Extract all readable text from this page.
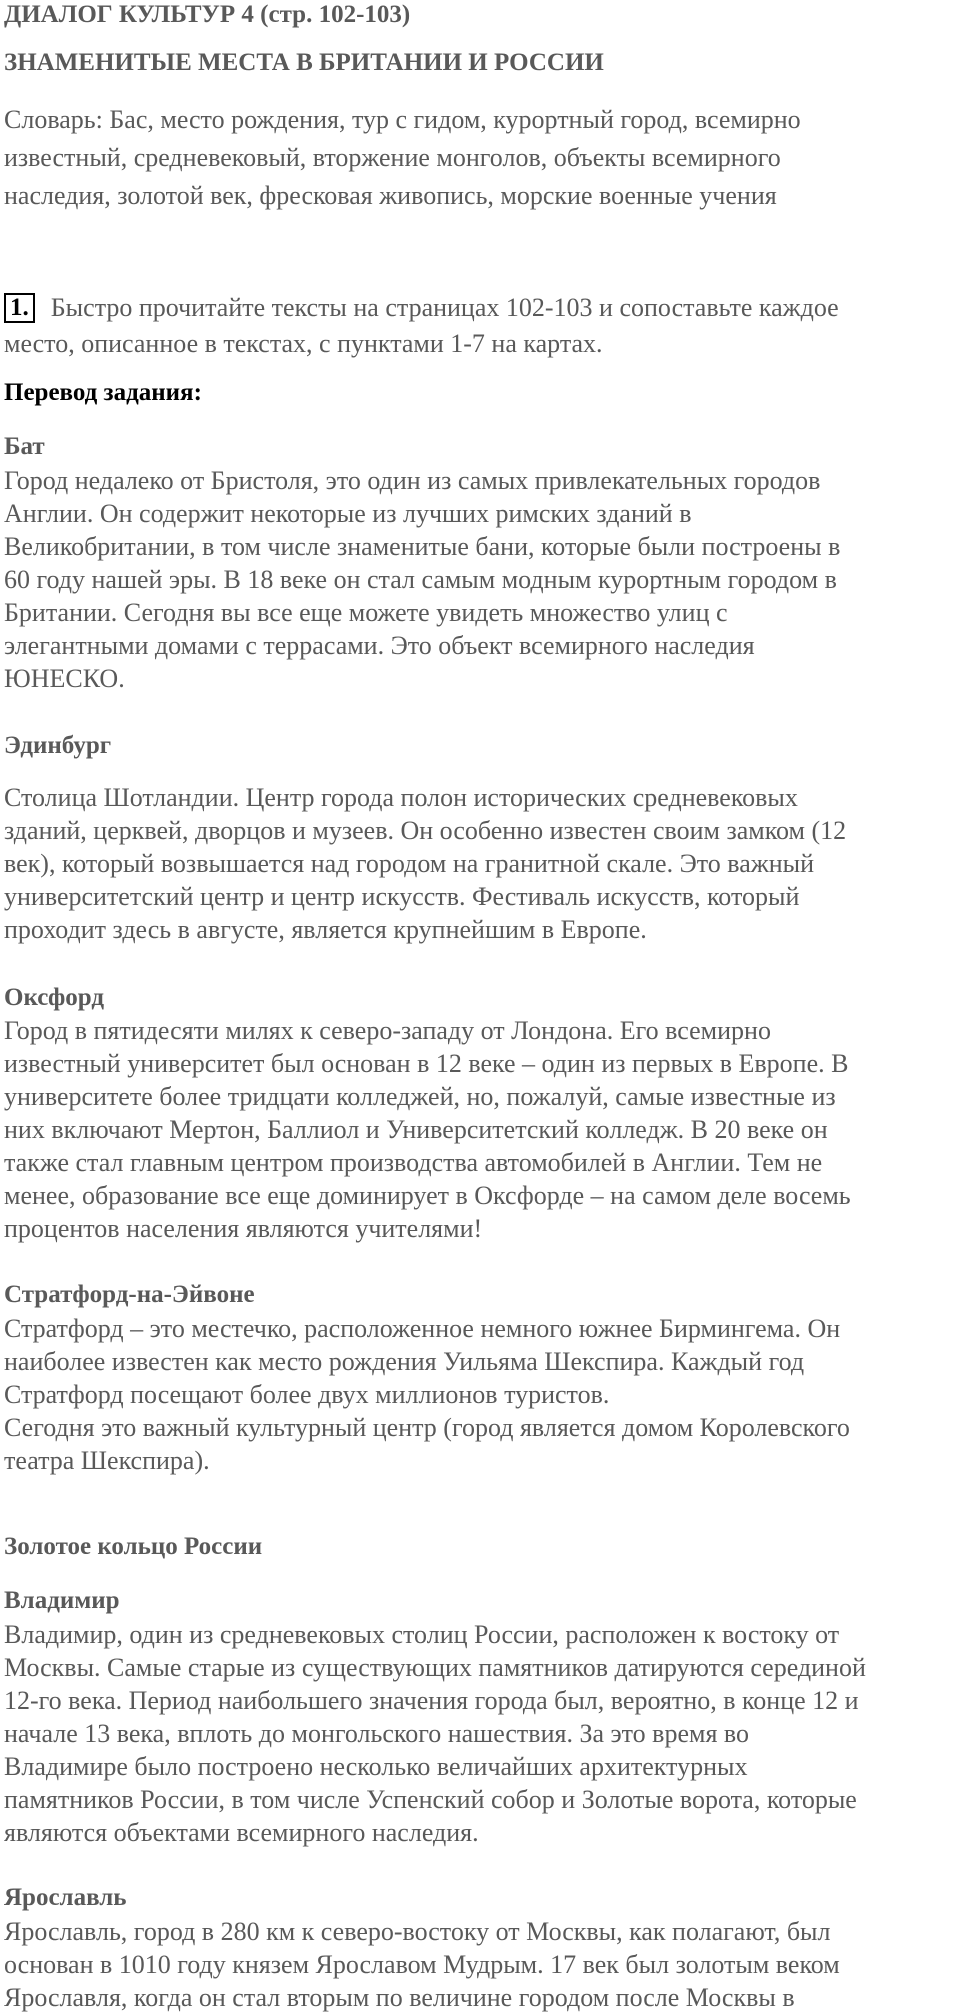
ДИАЛОГ КУЛЬТУР 4 (стр. 102-103)
ЗНАМЕНИТЫЕ МЕСТА В БРИТАНИИ И РОССИИ
Словарь: Бас, место рождения, тур с гидом, курортный город, всемирно
известный, средневековый, вторжение монголов, объекты всемирного
наследия, золотой век, фресковая живопись, морские военные учения
1. Быстро прочитайте тексты на страницах 102-103 и сопоставьте каждое
место, описанное в текстах, с пунктами 1-7 на картах.
Перевод задания:
Бат
Город недалеко от Бристоля, это один из самых привлекательных городов
Англии. Он содержит некоторые из лучших римских зданий в
Великобритании, в том числе знаменитые бани, которые были построены в
60 году нашей эры. В 18 веке он стал самым модным курортным городом в
Британии. Сегодня вы все еще можете увидеть множество улиц с
элегантными домами с террасами. Это объект всемирного наследия
ЮНЕСКО.
Эдинбург
Столица Шотландии. Центр города полон исторических средневековых
зданий, церквей, дворцов и музеев. Он особенно известен своим замком (12
век), который возвышается над городом на гранитной скале. Это важный
университетский центр и центр искусств. Фестиваль искусств, который
проходит здесь в августе, является крупнейшим в Европе.
Оксфорд
Город в пятидесяти милях к северо-западу от Лондона. Его всемирно
известный университет был основан в 12 веке – один из первых в Европе. В
университете более тридцати колледжей, но, пожалуй, самые известные из
них включают Мертон, Баллиол и Университетский колледж. В 20 веке он
также стал главным центром производства автомобилей в Англии. Тем не
менее, образование все еще доминирует в Оксфорде – на самом деле восемь
процентов населения являются учителями!
Стратфорд-на-Эйвоне
Стратфорд – это местечко, расположенное немного южнее Бирмингема. Он
наиболее известен как место рождения Уильяма Шекспира. Каждый год
Стратфорд посещают более двух миллионов туристов.
Сегодня это важный культурный центр (город является домом Королевского
театра Шекспира).
Золотое кольцо России
Владимир
Владимир, один из средневековых столиц России, расположен к востоку от
Москвы. Самые старые из существующих памятников датируются серединой
12-го века. Период наибольшего значения города был, вероятно, в конце 12 и
начале 13 века, вплоть до монгольского нашествия. За это время во
Владимире было построено несколько величайших архитектурных
памятников России, в том числе Успенский собор и Золотые ворота, которые
являются объектами всемирного наследия.
Ярославль
Ярославль, город в 280 км к северо-востоку от Москвы, как полагают, был
основан в 1010 году князем Ярославом Мудрым. 17 век был золотым веком
Ярославля, когда он стал вторым по величине городом после Москвы в
